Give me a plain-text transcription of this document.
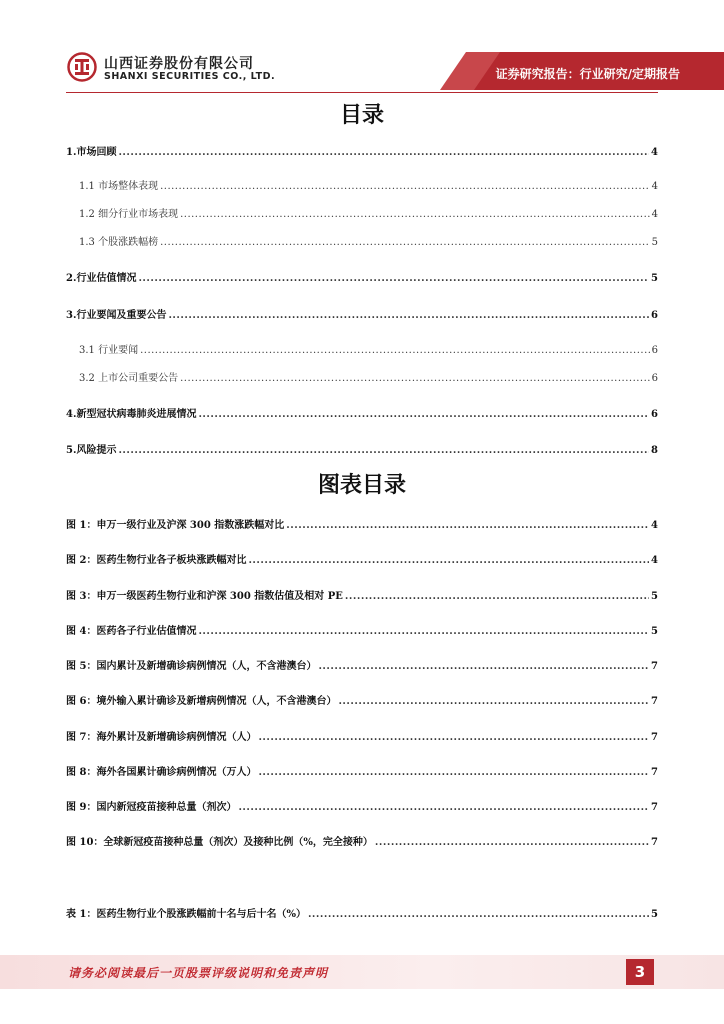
山西证券股份有限公司
SHANXI SECURITIES CO., LTD.	证券研究报告：行业研究/定期报告
目录
1.市场回顾 .....	4
1.1 市场整体表现 .....	4
1.2 细分行业市场表现 .....	4
1.3 个股涨跌幅榜 .....	5
2.行业估值情况 .....	5
3.行业要闻及重要公告 .....	6
3.1 行业要闻 .....	6
3.2 上市公司重要公告 .....	6
4.新型冠状病毒肺炎进展情况 .....	6
5.风险提示 .....	8
图表目录
图 1：申万一级行业及沪深 300 指数涨跌幅对比 .....	4
图 2：医药生物行业各子板块涨跌幅对比 .....	4
图 3：申万一级医药生物行业和沪深 300 指数估值及相对 PE .....	5
图 4：医药各子行业估值情况 .....	5
图 5：国内累计及新增确诊病例情况（人，不含港澳台） .....	7
图 6：境外输入累计确诊及新增病例情况（人，不含港澳台） .....	7
图 7：海外累计及新增确诊病例情况（人） .....	7
图 8：海外各国累计确诊病例情况（万人） .....	7
图 9：国内新冠疫苗接种总量（剂次） .....	7
图 10：全球新冠疫苗接种总量（剂次）及接种比例（%，完全接种） .....	7
表 1：医药生物行业个股涨跌幅前十名与后十名（%） .....	5
请务必阅读最后一页股票评级说明和免责声明	3
